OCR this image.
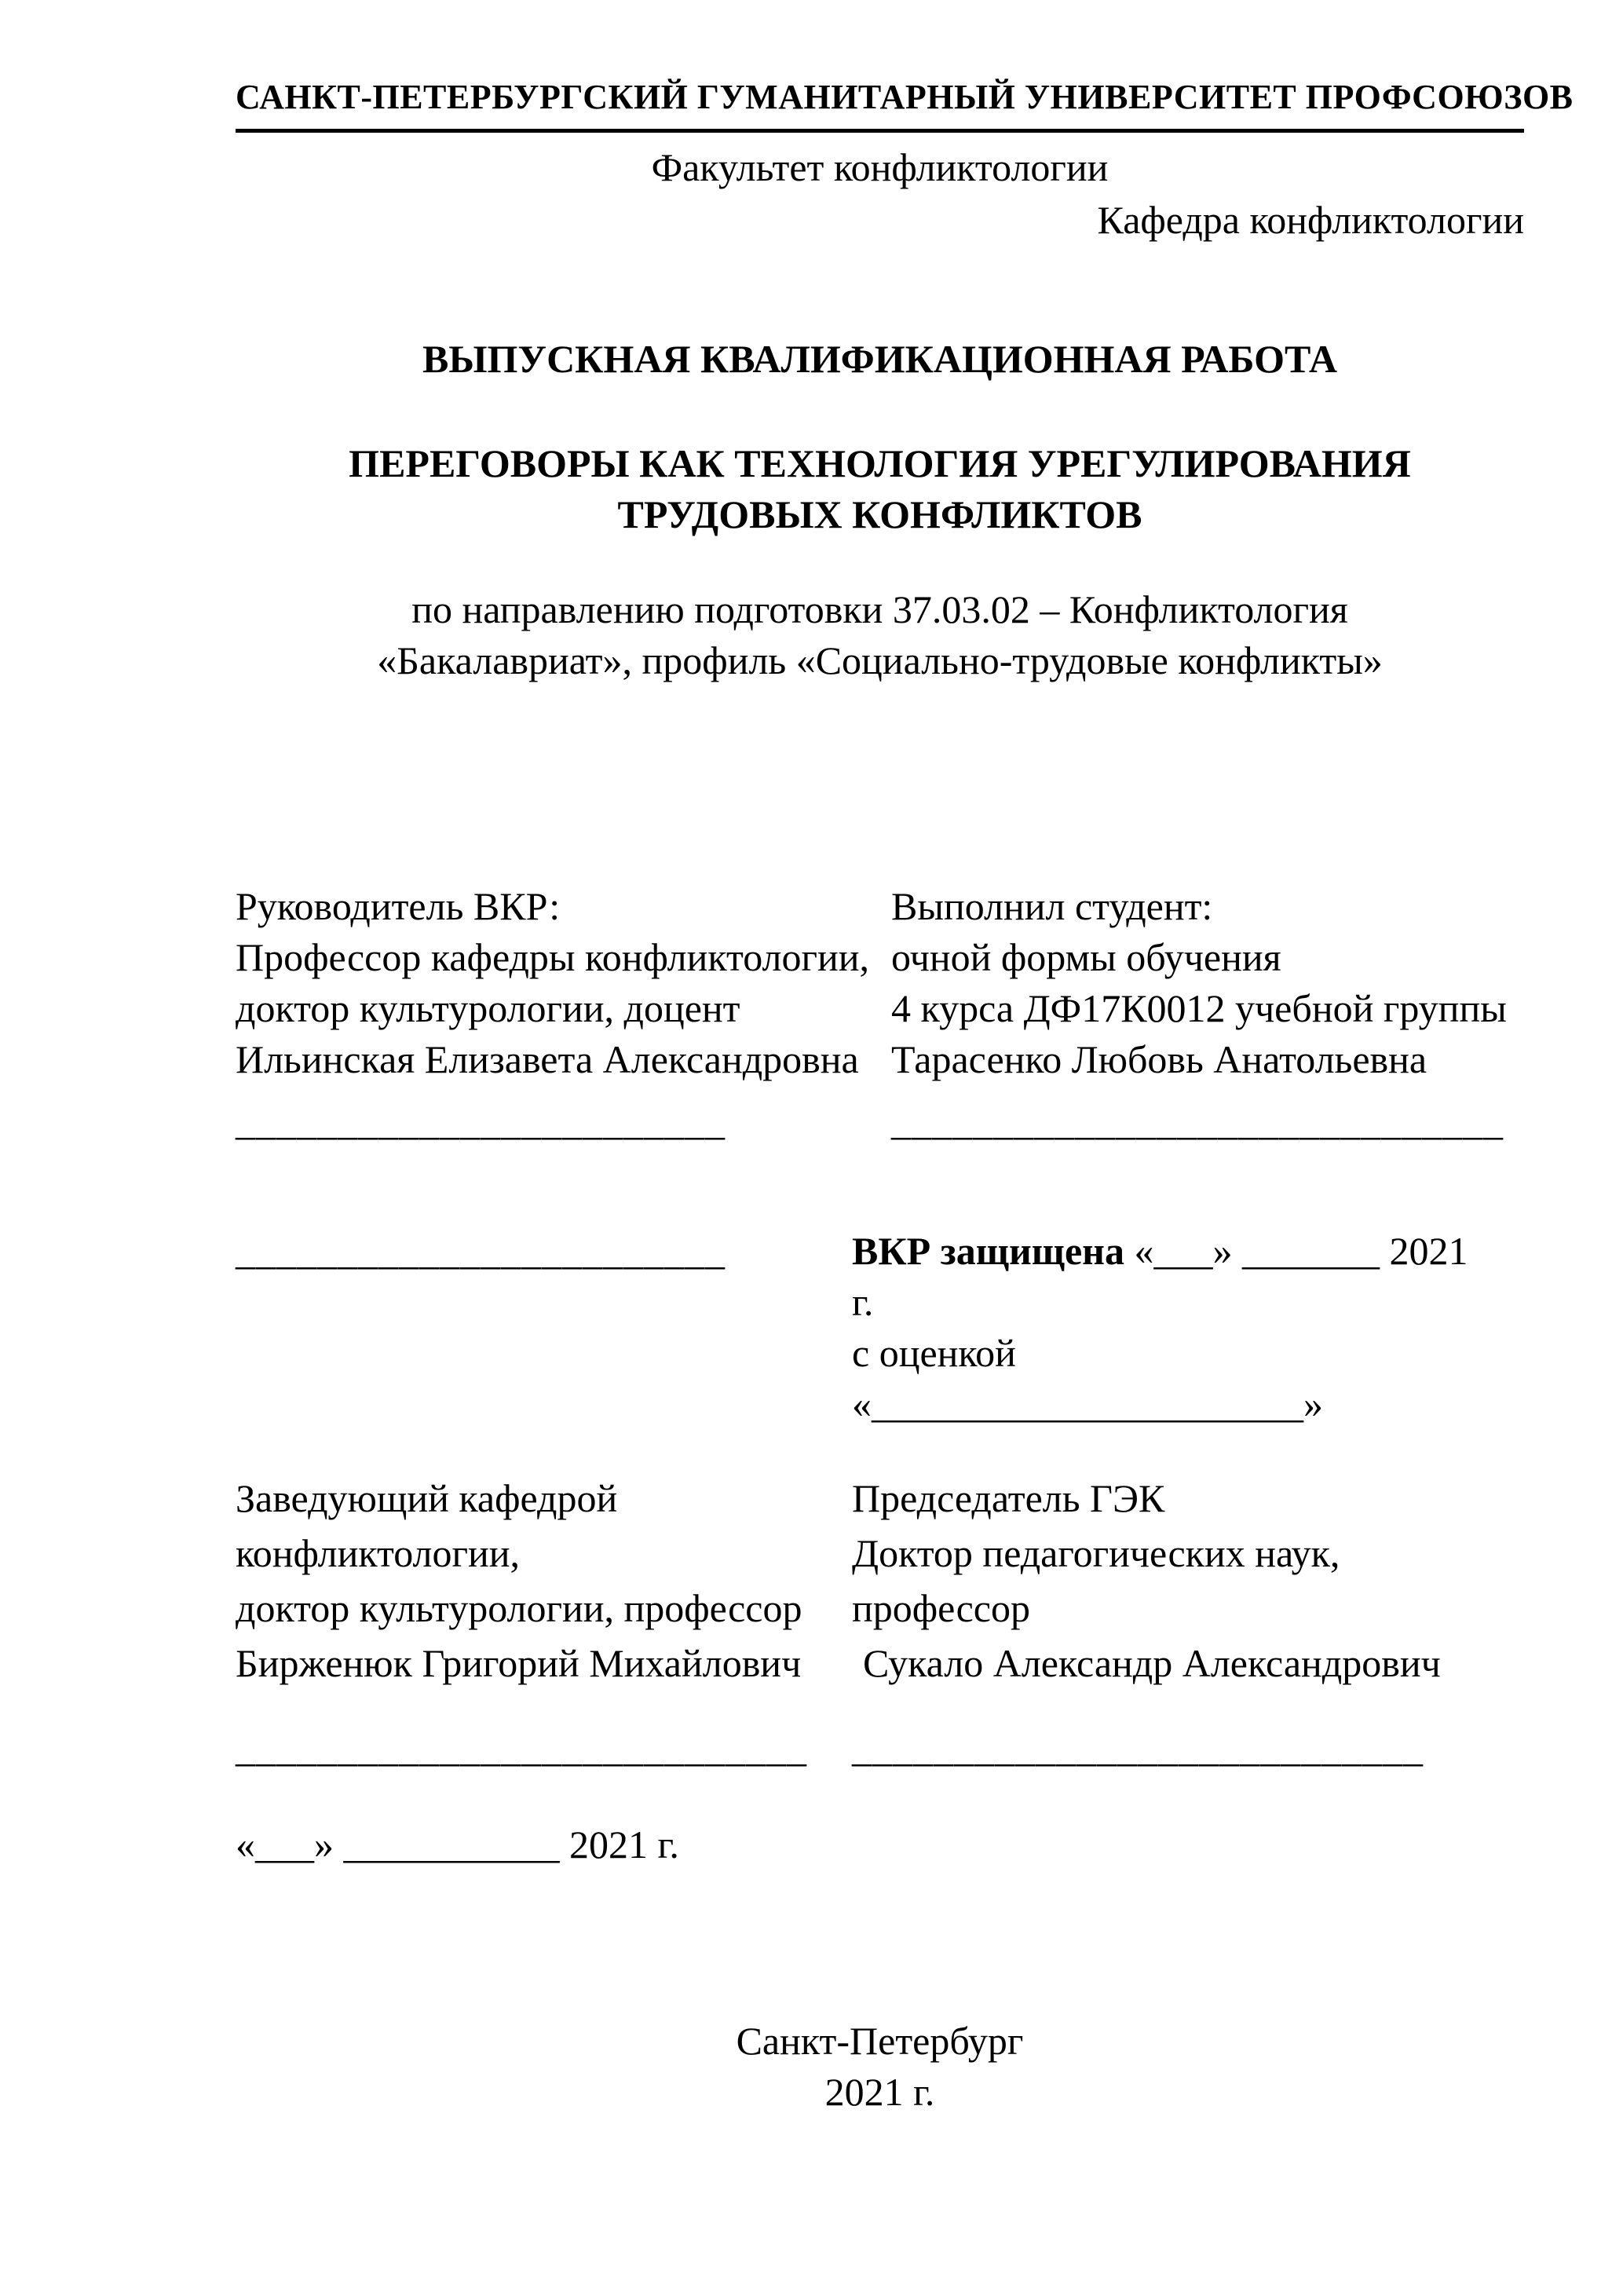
САНКТ-ПЕТЕРБУРГСКИЙ ГУМАНИТАРНЫЙ УНИВЕРСИТЕТ ПРОФСОЮЗОВ
Факультет конфликтологии
Кафедра конфликтологии
ВЫПУСКНАЯ КВАЛИФИКАЦИОННАЯ РАБОТА
ПЕРЕГОВОРЫ КАК ТЕХНОЛОГИЯ УРЕГУЛИРОВАНИЯ
ТРУДОВЫХ КОНФЛИКТОВ
по направлению подготовки 37.03.02 – Конфликтология
«Бакалавриат», профиль «Социально-трудовые конфликты»
Руководитель ВКР:
Профессор кафедры конфликтологии,
доктор культурологии, доцент
Ильинская Елизавета Александровна
________________________
Выполнил студент:
очной формы обучения
4 курса ДФ17К0012 учебной группы
Тарасенко Любовь Анатольевна
______________________________
________________________	ВКР защищена «___» _______ 2021 г.
с оценкой «______________________»
Заведующий кафедрой
конфликтологии,
доктор культурологии, профессор
Бирженюк Григорий Михайлович
____________________________
Председатель ГЭК
Доктор педагогических наук,
профессор
Сукало Александр Александрович
____________________________
«___» ___________ 2021 г.
Санкт-Петербург
2021 г.
